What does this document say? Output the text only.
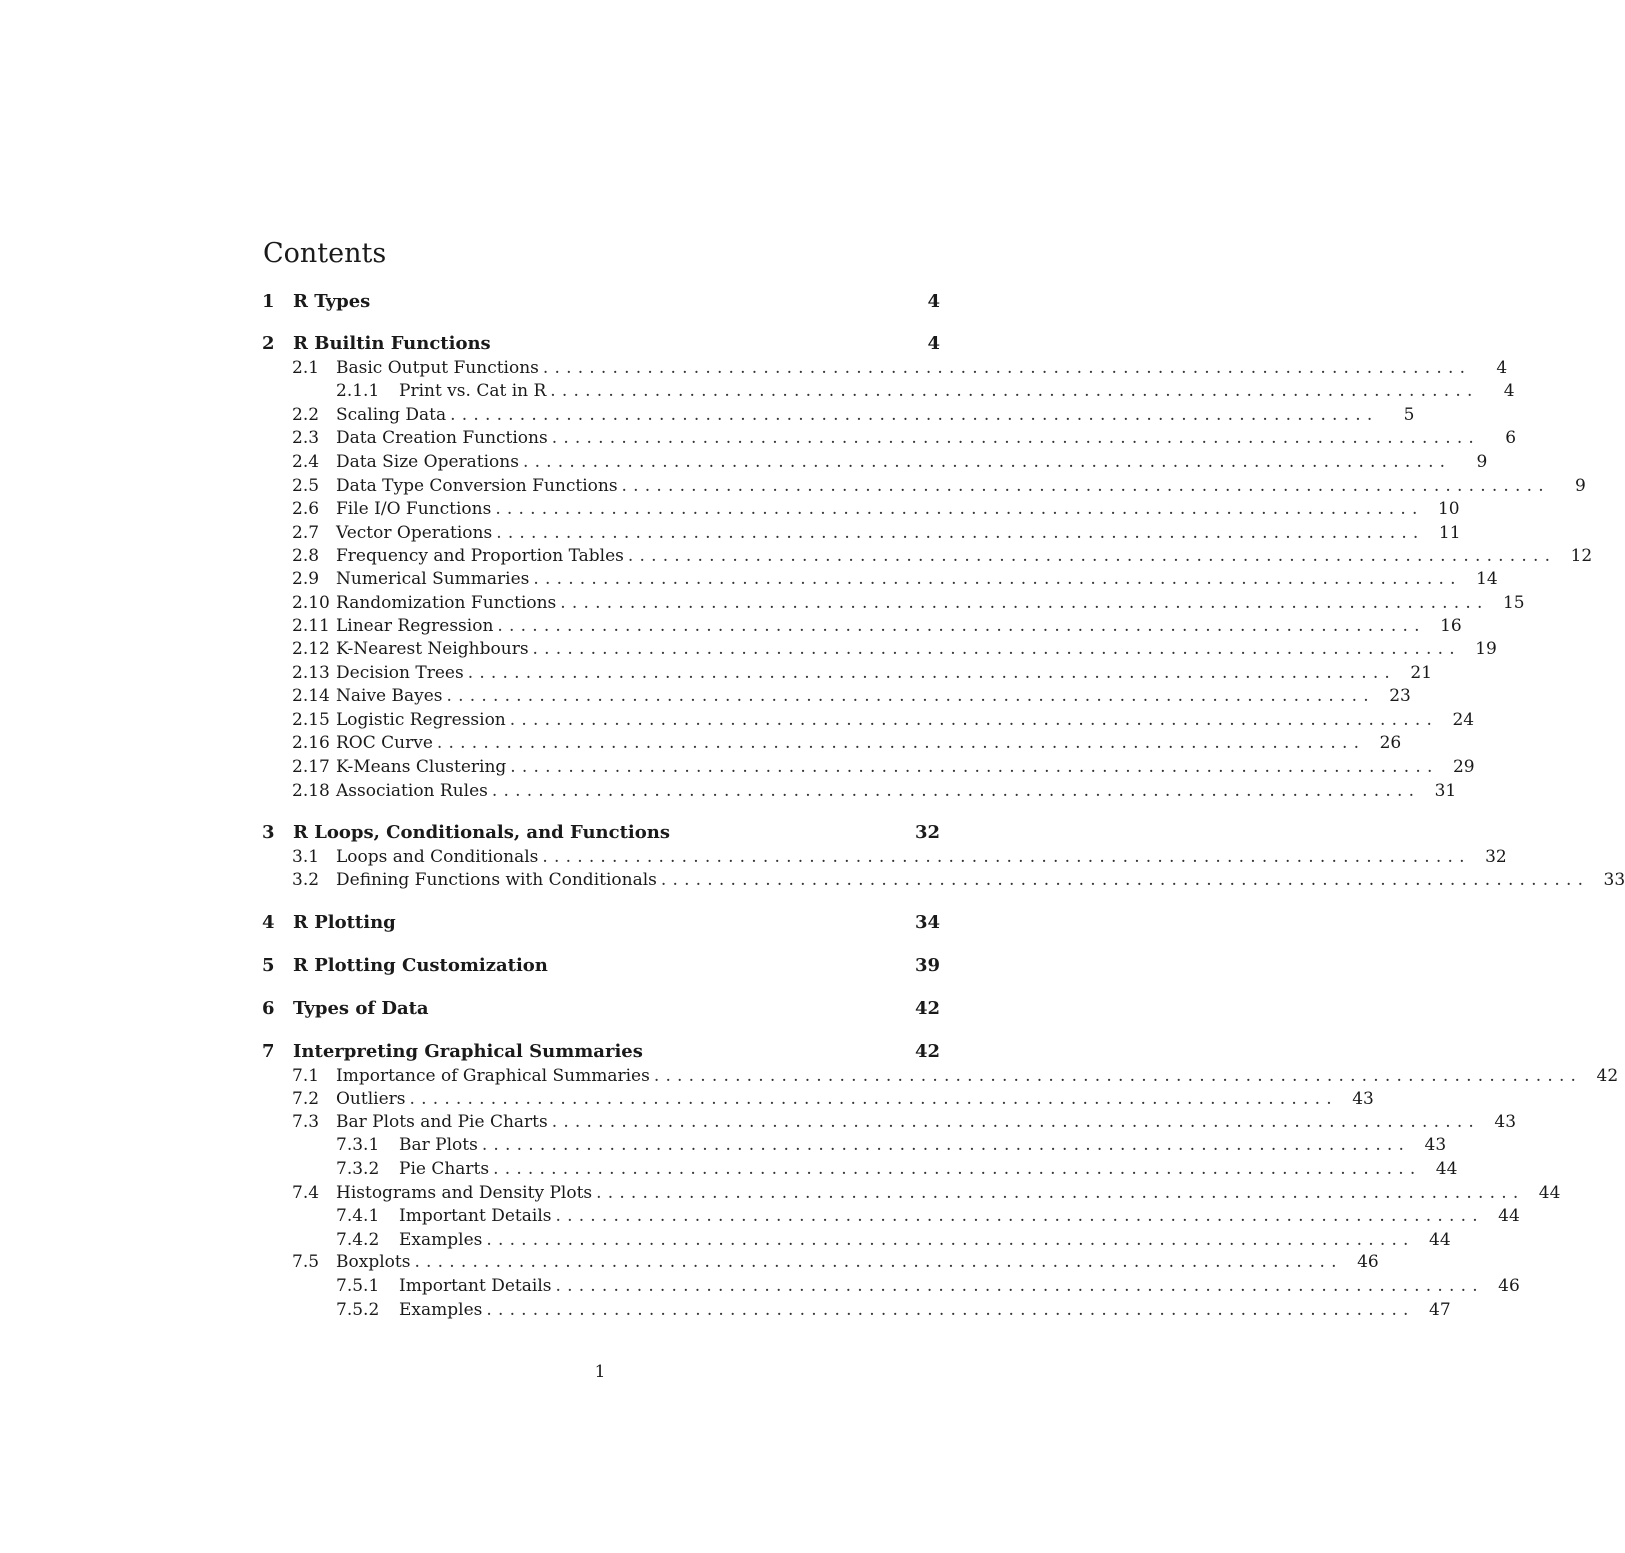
Contents
1	R Types	4
2	R Builtin Functions	4
2.1 Basic Output Functions ................................................................................	4
2.1.1	Print vs. Cat in R ................................................................................	4
2.2 Scaling Data ................................................................................	5
2.3 Data Creation Functions ................................................................................	6
2.4 Data Size Operations ................................................................................	9
2.5 Data Type Conversion Functions ................................................................................	9
2.6 File I/O Functions ................................................................................ 10
2.7 Vector Operations ................................................................................ 11
2.8 Frequency and Proportion Tables ................................................................................ 12
2.9 Numerical Summaries ................................................................................ 14
2.10 Randomization Functions ................................................................................ 15
2.11 Linear Regression ................................................................................ 16
2.12 K-Nearest Neighbours ................................................................................ 19
2.13 Decision Trees ................................................................................ 21
2.14 Naive Bayes ................................................................................ 23
2.15 Logistic Regression ................................................................................ 24
2.16 ROC Curve ................................................................................ 26
2.17 K-Means Clustering ................................................................................ 29
2.18 Association Rules ................................................................................ 31
3	R Loops, Conditionals, and Functions	32
3.1 Loops and Conditionals ................................................................................ 32
3.2 Defining Functions with Conditionals ................................................................................ 33
4	R Plotting	34
5	R Plotting Customization	39
6	Types of Data	42
7	Interpreting Graphical Summaries	42
7.1 Importance of Graphical Summaries ................................................................................ 42
7.2 Outliers ................................................................................ 43
7.3 Bar Plots and Pie Charts ................................................................................ 43
7.3.1	Bar Plots ................................................................................ 43
7.3.2	Pie Charts ................................................................................ 44
7.4 Histograms and Density Plots ................................................................................ 44
7.4.1	Important Details ................................................................................ 44
7.4.2	Examples ................................................................................ 44
7.5 Boxplots ................................................................................ 46
7.5.1	Important Details ................................................................................ 46
7.5.2	Examples ................................................................................ 47
1
